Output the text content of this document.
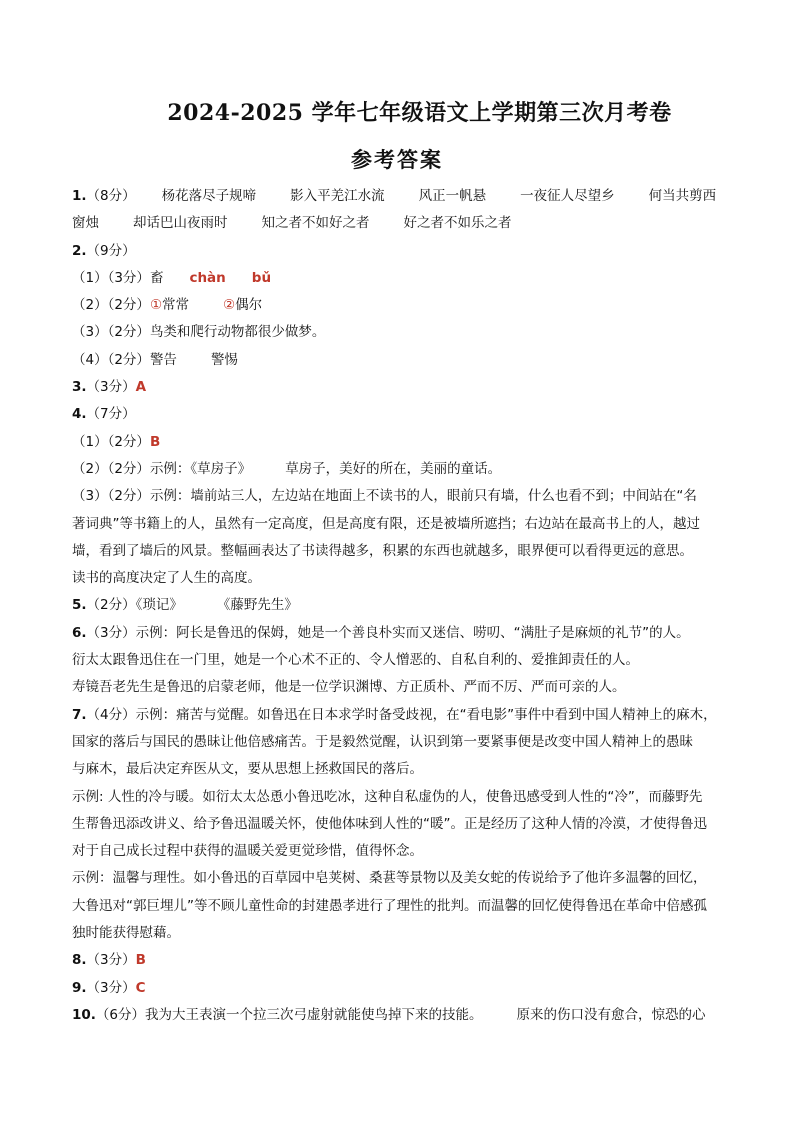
2024-2025 学年七年级语文上学期第三次月考卷
参考答案
1.（8分） 杨花落尽子规啼	影入平羌江水流	风正一帆悬	一夜征人尽望乡	何当共剪西
窗烛	却话巴山夜雨时	知之者不如好之者	好之者不如乐之者
2.（9分）
（1）（3分）畜 chàn bǔ
（2）（2分）①常常	②偶尔
（3）（2分）鸟类和爬行动物都很少做梦。
（4）（2分）警告	警惕
3.（3分）A
4.（7分）
（1）（2分）B
（2）（2分）示例：《草房子》	草房子，美好的所在，美丽的童话。
（3）（2分）示例：墙前站三人，左边站在地面上不读书的人，眼前只有墙，什么也看不到；中间站在“名
著词典”等书籍上的人，虽然有一定高度，但是高度有限，还是被墙所遮挡；右边站在最高书上的人，越过
墙，看到了墙后的风景。整幅画表达了书读得越多，积累的东西也就越多，眼界便可以看得更远的意思。
读书的高度决定了人生的高度。
5.（2分）《琐记》	《藤野先生》
6.（3分）示例：阿长是鲁迅的保姆，她是一个善良朴实而又迷信、唠叨、“满肚子是麻烦的礼节”的人。
衍太太跟鲁迅住在一门里，她是一个心术不正的、令人憎恶的、自私自利的、爱推卸责任的人。
寿镜吾老先生是鲁迅的启蒙老师，他是一位学识渊博、方正质朴、严而不厉、严而可亲的人。
7.（4分）示例：痛苦与觉醒。如鲁迅在日本求学时备受歧视，在“看电影”事件中看到中国人精神上的麻木，
国家的落后与国民的愚昧让他倍感痛苦。于是毅然觉醒，认识到第一要紧事便是改变中国人精神上的愚昧
与麻木，最后决定弃医从文，要从思想上拯救国民的落后。
示例: 人性的冷与暖。如衍太太怂恿小鲁迅吃冰，这种自私虚伪的人，使鲁迅感受到人性的“冷”，而藤野先
生帮鲁迅添改讲义、给予鲁迅温暖关怀，使他体味到人性的“暖”。正是经历了这种人情的冷漠，才使得鲁迅
对于自己成长过程中获得的温暖关爱更觉珍惜，值得怀念。
示例：温馨与理性。如小鲁迅的百草园中皂荚树、桑葚等景物以及美女蛇的传说给予了他许多温馨的回忆，
大鲁迅对“郭巨埋儿”等不顾儿童性命的封建愚孝进行了理性的批判。而温馨的回忆使得鲁迅在革命中倍感孤
独时能获得慰藉。
8.（3分）B
9.（3分）C
10.（6分）我为大王表演一个拉三次弓虚射就能使鸟掉下来的技能。	原来的伤口没有愈合，惊恐的心
